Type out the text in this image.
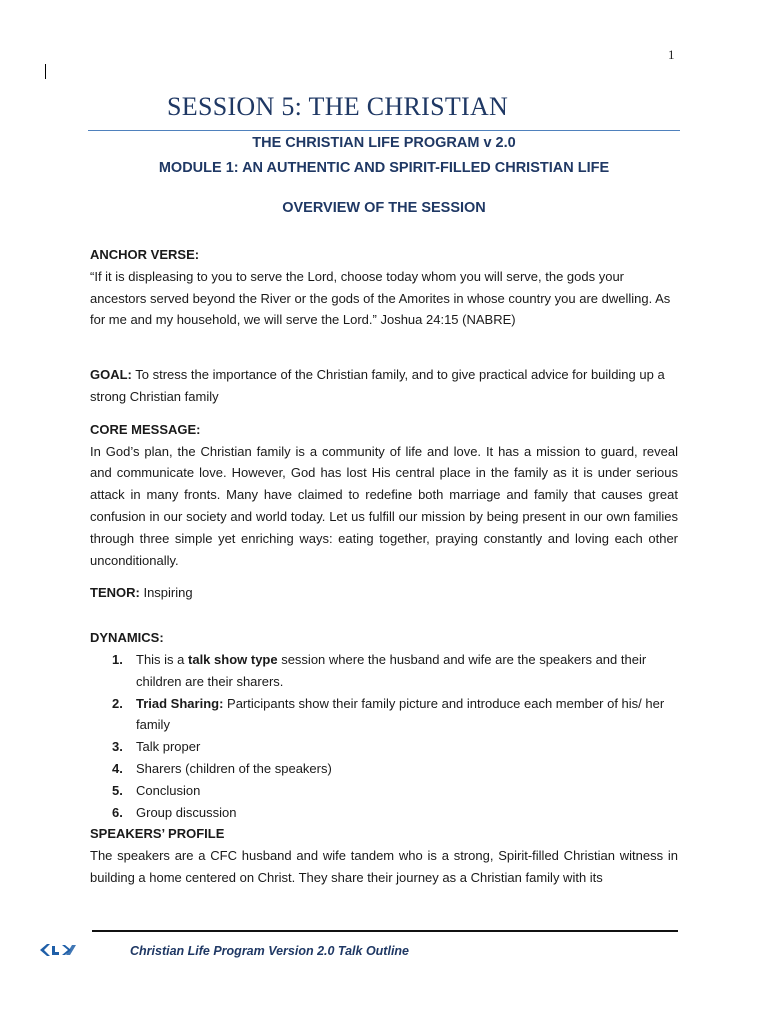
1
SESSION 5: THE CHRISTIAN
THE CHRISTIAN LIFE PROGRAM v 2.0
MODULE 1: AN AUTHENTIC AND SPIRIT-FILLED CHRISTIAN LIFE
OVERVIEW OF THE SESSION
ANCHOR VERSE:
“If it is displeasing to you to serve the Lord, choose today whom you will serve, the gods your ancestors served beyond the River or the gods of the Amorites in whose country you are dwelling. As for me and my household, we will serve the Lord.” Joshua 24:15 (NABRE)
GOAL: To stress the importance of the Christian family, and to give practical advice for building up a strong Christian family
CORE MESSAGE:
In God’s plan, the Christian family is a community of life and love. It has a mission to guard, reveal and communicate love. However, God has lost His central place in the family as it is under serious attack in many fronts. Many have claimed to redefine both marriage and family that causes great confusion in our society and world today. Let us fulfill our mission by being present in our own families through three simple yet enriching ways: eating together, praying constantly and loving each other unconditionally.
TENOR: Inspiring
DYNAMICS:
1. This is a talk show type session where the husband and wife are the speakers and their children are their sharers.
2. Triad Sharing: Participants show their family picture and introduce each member of his/ her family
3. Talk proper
4. Sharers (children of the speakers)
5. Conclusion
6. Group discussion
SPEAKERS’ PROFILE
The speakers are a CFC husband and wife tandem who is a strong, Spirit-filled Christian witness in building a home centered on Christ. They share their journey as a Christian family with its
Christian Life Program Version 2.0 Talk Outline
